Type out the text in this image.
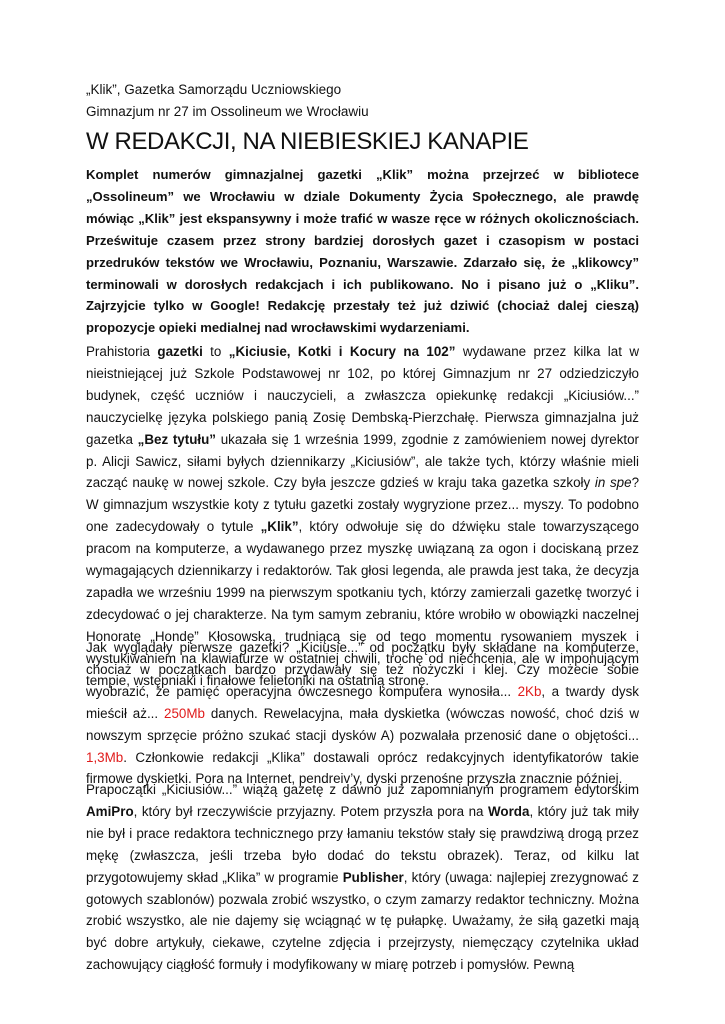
„Klik”, Gazetka Samorządu Uczniowskiego
Gimnazjum nr 27 im Ossolineum we Wrocławiu
W REDAKCJI, NA NIEBIESKIEJ KANAPIE

Komplet numerów gimnazjalnej gazetki „Klik” można przejrzeć w bibliotece „Ossolineum” we Wrocławiu w dziale Dokumenty Życia Społecznego, ale prawdę mówiąc „Klik” jest ekspansywny i może trafić w wasze ręce w różnych okolicznościach. Prześwituje czasem przez strony bardziej dorosłych gazet i czasopism w postaci przedruków tekstów we Wrocławiu, Poznaniu, Warszawie. Zdarzało się, że „klikowcy” terminowali w dorosłych redakcjach i ich publikowano. No i pisano już o „Kliku”. Zajrzyjcie tylko w Google! Redakcję przestały też już dziwić (chociaż dalej cieszą) propozycje opieki medialnej nad wrocławskimi wydarzeniami.

Prahistoria gazetki to „Kiciusie, Kotki i Kocury na 102” wydawane przez kilka lat w nieistniejącej już Szkole Podstawowej nr 102, po której Gimnazjum nr 27 odziedziczyło budynek, część uczniów i nauczycieli, a zwłaszcza opiekunkę redakcji „Kiciusiów...” nauczycielkę języka polskiego panią Zosię Dembską-Pierzchałę. Pierwsza gimnazjalna już gazetka „Bez tytułu” ukazała się 1 września 1999, zgodnie z zamówieniem nowej dyrektor p. Alicji Sawicz, siłami byłych dziennikarzy „Kiciusiów”, ale także tych, którzy właśnie mieli zacząć naukę w nowej szkole. Czy była jeszcze gdzieś w kraju taka gazetka szkoły in spe? W gimnazjum wszystkie koty z tytułu gazetki zostały wygryzione przez... myszy. To podobno one zadecydowały o tytule „Klik”, który odwołuje się do dźwięku stale towarzyszącego pracom na komputerze, a wydawanego przez myszkę uwiązaną za ogon i dociskaną przez wymagających dziennikarzy i redaktorów. Tak głosi legenda, ale prawda jest taka, że decyzja zapadła we wrześniu 1999 na pierwszym spotkaniu tych, którzy zamierzali gazetkę tworzyć i zdecydować o jej charakterze. Na tym samym zebraniu, które wrobiło w obowiązki naczelnej Honoratę „Hondę” Kłosowską, trudniącą się od tego momentu rysowaniem myszek i wystukiwaniem na klawiaturze w ostatniej chwili, trochę od niechcenia, ale w imponującym tempie, wstępniaki i finałowe felietoniki na ostatnią stronę.

Jak wyglądały pierwsze gazetki? „Kiciusie...” od początku były składane na komputerze, chociaż w początkach bardzo przydawały się też nożyczki i klej. Czy możecie sobie wyobrazić, że pamięć operacyjna ówczesnego komputera wynosiła... 2Kb, a twardy dysk mieścił aż... 250Mb danych. Rewelacyjna, mała dyskietka (wówczas nowość, choć dziś w nowszym sprzęcie próżno szukać stacji dysków A) pozwalała przenosić dane o objętości... 1,3Mb. Członkowie redakcji „Klika” dostawali oprócz redakcyjnych identyfikatorów takie firmowe dyskietki. Pora na Internet, pendreiv’y, dyski przenośne przyszła znacznie później.

Prapoczątki „Kiciusiów...” wiążą gazetę z dawno już zapomnianym programem edytorskim AmiPro, który był rzeczywiście przyjazny. Potem przyszła pora na Worda, który już tak miły nie był i prace redaktora technicznego przy łamaniu tekstów stały się prawdziwą drogą przez mękę (zwłaszcza, jeśli trzeba było dodać do tekstu obrazek). Teraz, od kilku lat przygotowujemy skład „Klika” w programie Publisher, który (uwaga: najlepiej zrezygnować z gotowych szablonów) pozwala zrobić wszystko, o czym zamarzy redaktor techniczny. Można zrobić wszystko, ale nie dajemy się wciągnąć w tę pułapkę. Uważamy, że siłą gazetki mają być dobre artykuły, ciekawe, czytelne zdjęcia i przejrzysty, niemęczący czytelnika układ zachowujący ciągłość formuły i modyfikowany w miarę potrzeb i pomysłów. Pewną
